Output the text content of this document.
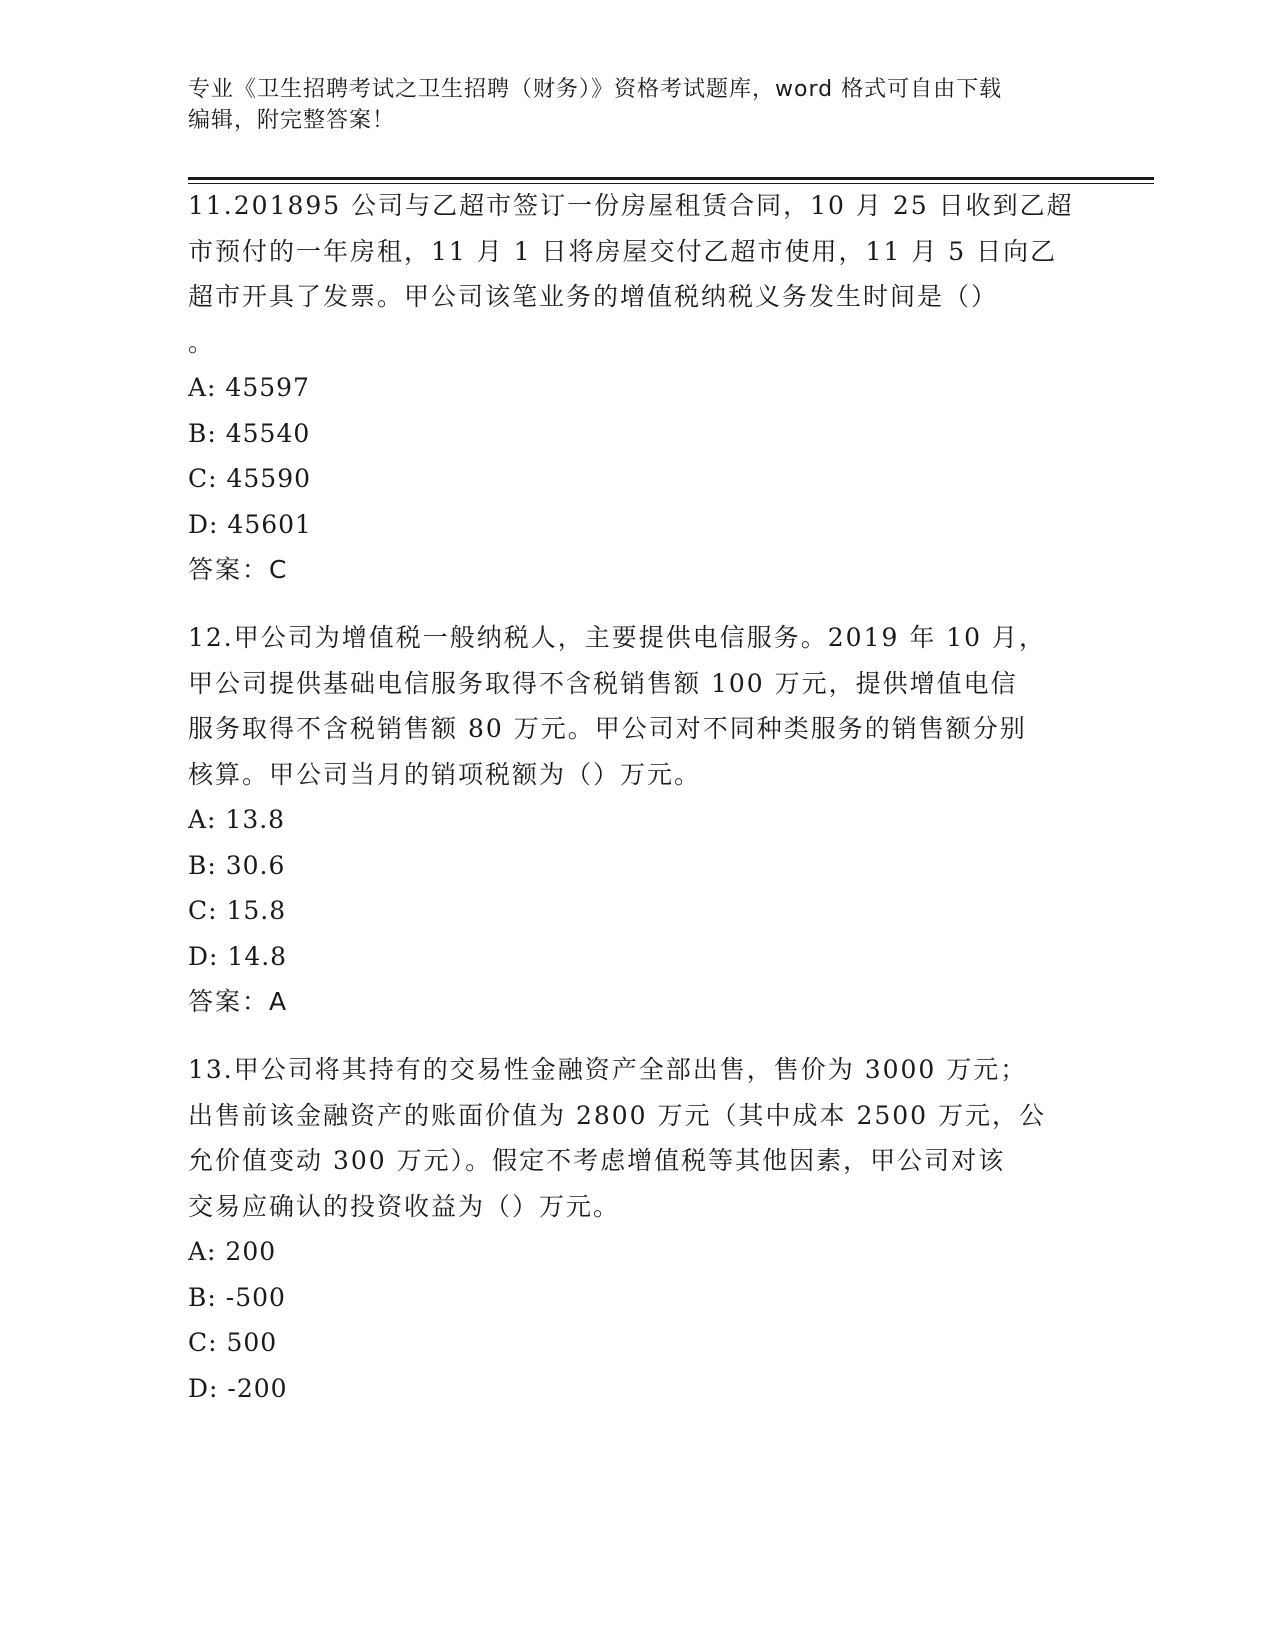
专业《卫生招聘考试之卫生招聘（财务）》资格考试题库，word 格式可自由下载
编辑，附完整答案！
11.201895 公司与乙超市签订一份房屋租赁合同，10 月 25 日收到乙超
市预付的一年房租，11 月 1 日将房屋交付乙超市使用，11 月 5 日向乙
超市开具了发票。甲公司该笔业务的增值税纳税义务发生时间是（）
。
A: 45597
B: 45540
C: 45590
D: 45601
答案：C
12.甲公司为增值税一般纳税人，主要提供电信服务。2019 年 10 月，
甲公司提供基础电信服务取得不含税销售额 100 万元，提供增值电信
服务取得不含税销售额 80 万元。甲公司对不同种类服务的销售额分别
核算。甲公司当月的销项税额为（）万元。
A: 13.8
B: 30.6
C: 15.8
D: 14.8
答案：A
13.甲公司将其持有的交易性金融资产全部出售，售价为 3000 万元；
出售前该金融资产的账面价值为 2800 万元（其中成本 2500 万元，公
允价值变动 300 万元）。假定不考虑增值税等其他因素，甲公司对该
交易应确认的投资收益为（）万元。
A: 200
B: -500
C: 500
D: -200
